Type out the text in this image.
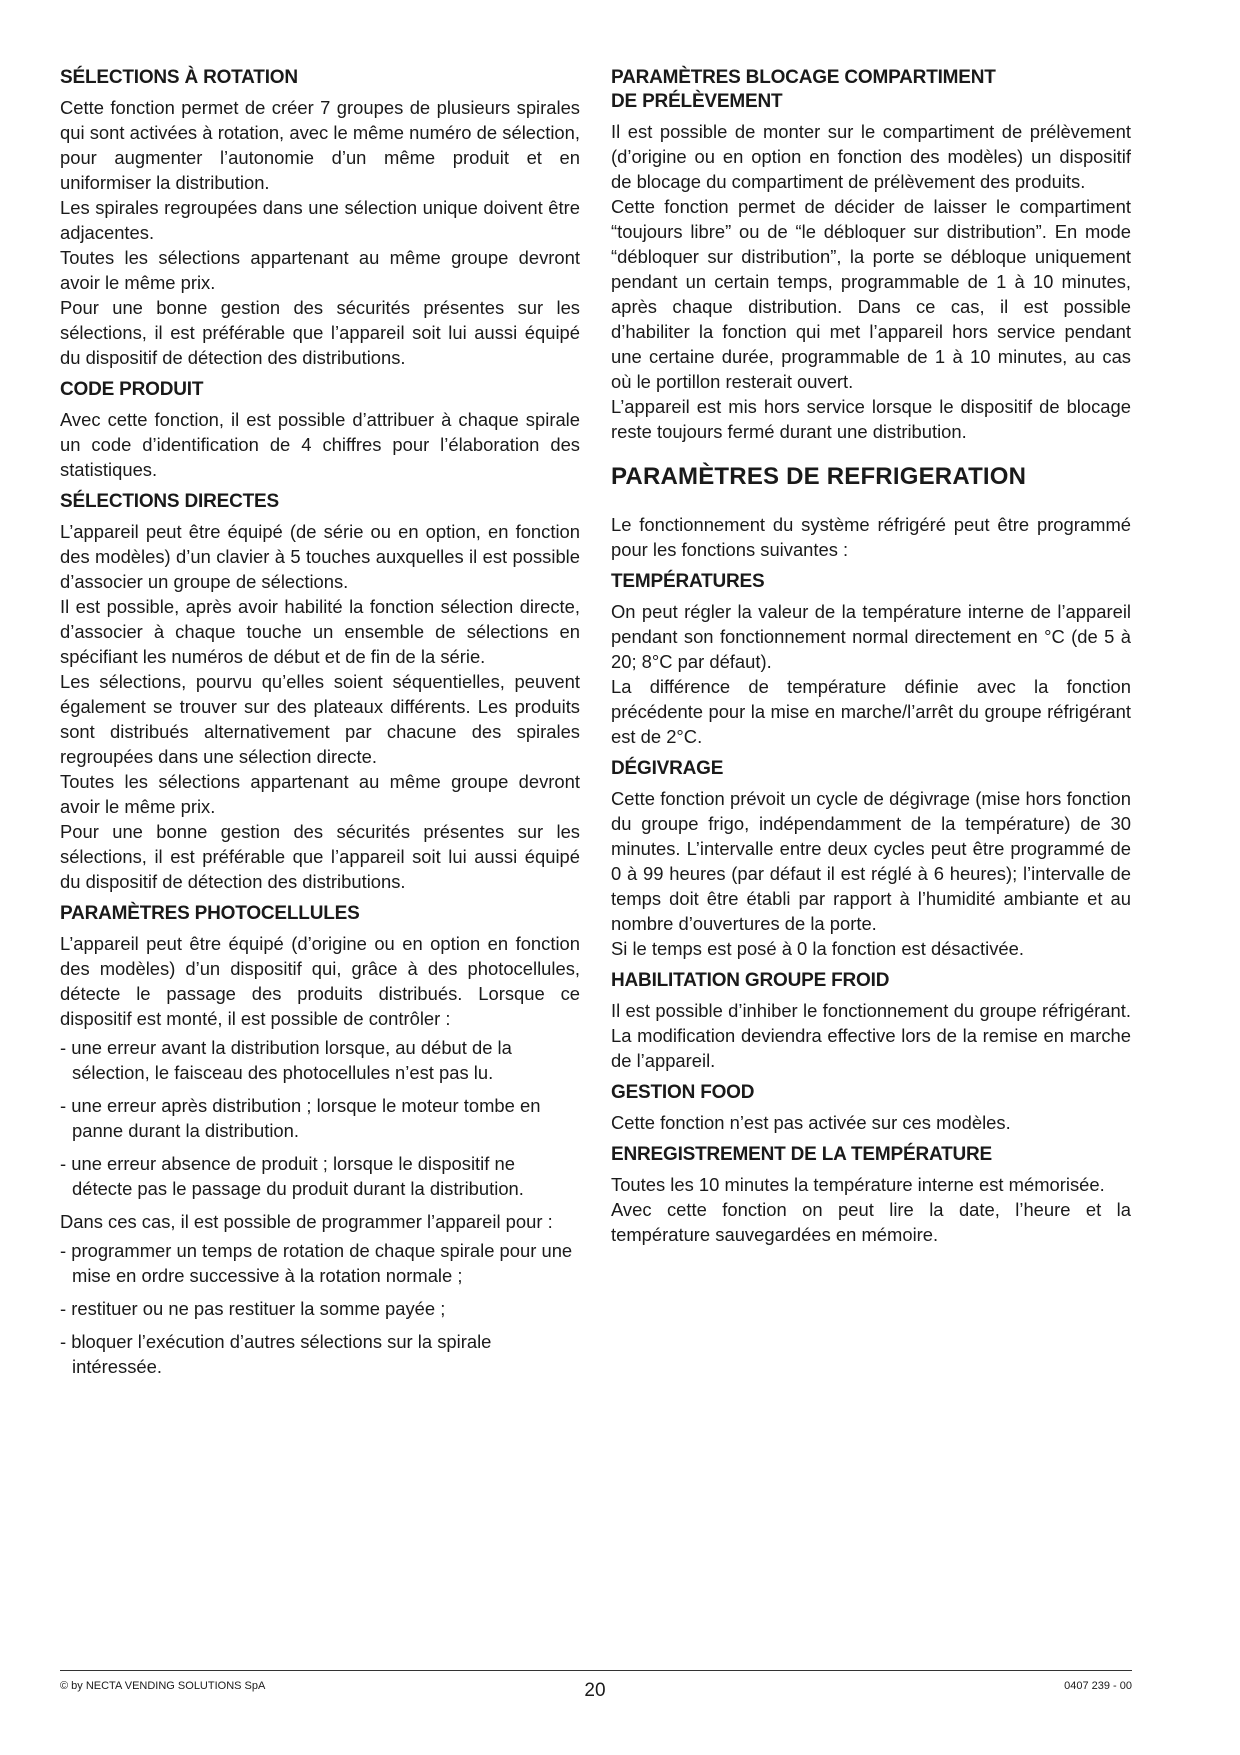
SÉLECTIONS À ROTATION

Cette fonction permet de créer 7 groupes de plusieurs spirales qui sont activées à rotation, avec le même numéro de sélection, pour augmenter l’autonomie d’un même produit et en uniformiser la distribution.

Les spirales regroupées dans une sélection unique doivent être adjacentes.

Toutes les sélections appartenant au même groupe devront avoir le même prix.

Pour une bonne gestion des sécurités présentes sur les sélections, il est préférable que l’appareil soit lui aussi équipé du dispositif de détection des distributions.

CODE PRODUIT

Avec cette fonction, il est possible d’attribuer à chaque spirale un code d’identification de 4 chiffres pour l’élaboration des statistiques.

SÉLECTIONS DIRECTES

L’appareil peut être équipé (de série ou en option, en fonction des modèles) d’un clavier à 5 touches auxquelles il est possible d’associer un groupe de sélections.

Il est possible, après avoir habilité la fonction sélection directe, d’associer à chaque touche un ensemble de sélections en spécifiant les numéros de début et de fin de la série.

Les sélections, pourvu qu’elles soient séquentielles, peuvent également se trouver sur des plateaux différents. Les produits sont distribués alternativement par chacune des spirales regroupées dans une sélection directe.

Toutes les sélections appartenant au même groupe devront avoir le même prix.

Pour une bonne gestion des sécurités présentes sur les sélections, il est préférable que l’appareil soit lui aussi équipé du dispositif de détection des distributions.

PARAMÈTRES PHOTOCELLULES

L’appareil peut être équipé (d’origine ou en option en fonction des modèles) d’un dispositif qui, grâce à des photocellules, détecte le passage des produits distribués. Lorsque ce dispositif est monté, il est possible de contrôler :

- une erreur avant la distribution lorsque, au début de la sélection, le faisceau des photocellules n’est pas lu.
- une erreur après distribution ; lorsque le moteur tombe en panne durant la distribution.
- une erreur absence de produit ; lorsque le dispositif ne détecte pas le passage du produit durant la distribution.

Dans ces cas, il est possible de programmer l’appareil pour :

- programmer un temps de rotation de chaque spirale pour une mise en ordre successive à la rotation normale ;
- restituer ou ne pas restituer la somme payée ;
- bloquer l’exécution d’autres sélections sur la spirale intéressée.
PARAMÈTRES BLOCAGE COMPARTIMENT
DE PRÉLÈVEMENT

Il est possible de monter sur le compartiment de prélèvement (d’origine ou en option en fonction des modèles) un dispositif de blocage du compartiment de prélèvement des produits.

Cette fonction permet de décider de laisser le compartiment “toujours libre” ou de “le débloquer sur distribution”. En mode “débloquer sur distribution”, la porte se débloque uniquement pendant un certain temps, programmable de 1 à 10 minutes, après chaque distribution. Dans ce cas, il est possible d’habiliter la fonction qui met l’appareil hors service pendant une certaine durée, programmable de 1 à 10 minutes, au cas où le portillon resterait ouvert.

L’appareil est mis hors service lorsque le dispositif de blocage reste toujours fermé durant une distribution.

PARAMÈTRES DE REFRIGERATION

Le fonctionnement du système réfrigéré peut être programmé pour les fonctions suivantes :

TEMPÉRATURES

On peut régler la valeur de la température interne de l’appareil pendant son fonctionnement normal directement en °C (de 5 à 20; 8°C par défaut).

La différence de température définie avec la fonction précédente pour la mise en marche/l’arrêt du groupe réfrigérant est de 2°C.

DÉGIVRAGE

Cette fonction prévoit un cycle de dégivrage (mise hors fonction du groupe frigo, indépendamment de la température) de 30 minutes. L’intervalle entre deux cycles peut être programmé de 0 à 99 heures (par défaut il est réglé à 6 heures); l’intervalle de temps doit être établi par rapport à l’humidité ambiante et au nombre d’ouvertures de la porte.

Si le temps est posé à 0 la fonction est désactivée.

HABILITATION GROUPE FROID

Il est possible d’inhiber le fonctionnement du groupe réfrigérant. La modification deviendra effective lors de la remise en marche de l’appareil.

GESTION FOOD

Cette fonction n’est pas activée sur ces modèles.

ENREGISTREMENT DE LA TEMPÉRATURE

Toutes les 10 minutes la température interne est mémorisée.

Avec cette fonction on peut lire la date, l’heure et la température sauvegardées en mémoire.

© by NECTA VENDING SOLUTIONS SpA	20	0407 239 - 00
